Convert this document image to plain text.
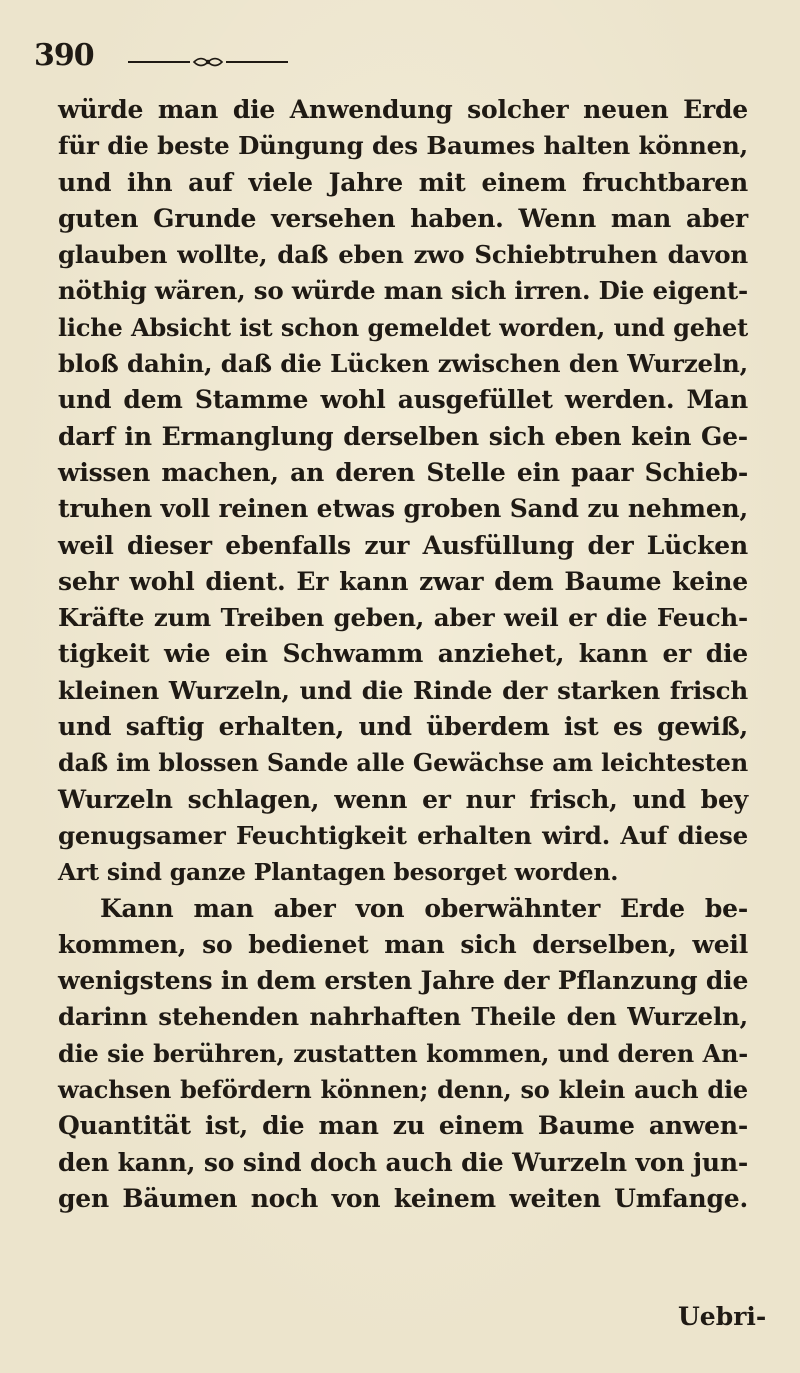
390
würde man die Anwendung solcher neuen Erde
für die beste Düngung des Baumes halten können,
und ihn auf viele Jahre mit einem fruchtbaren
guten Grunde versehen haben. Wenn man aber
glauben wollte, daß eben zwo Schiebtruhen davon
nöthig wären, so würde man sich irren. Die eigent-
liche Absicht ist schon gemeldet worden, und gehet
bloß dahin, daß die Lücken zwischen den Wurzeln,
und dem Stamme wohl ausgefüllet werden. Man
darf in Ermanglung derselben sich eben kein Ge-
wissen machen, an deren Stelle ein paar Schieb-
truhen voll reinen etwas groben Sand zu nehmen,
weil dieser ebenfalls zur Ausfüllung der Lücken
sehr wohl dient. Er kann zwar dem Baume keine
Kräfte zum Treiben geben, aber weil er die Feuch-
tigkeit wie ein Schwamm anziehet, kann er die
kleinen Wurzeln, und die Rinde der starken frisch
und saftig erhalten, und überdem ist es gewiß,
daß im blossen Sande alle Gewächse am leichtesten
Wurzeln schlagen, wenn er nur frisch, und bey
genugsamer Feuchtigkeit erhalten wird. Auf diese
Art sind ganze Plantagen besorget worden.
Kann man aber von oberwähnter Erde be-
kommen, so bedienet man sich derselben, weil
wenigstens in dem ersten Jahre der Pflanzung die
darinn stehenden nahrhaften Theile den Wurzeln,
die sie berühren, zustatten kommen, und deren An-
wachsen befördern können; denn, so klein auch die
Quantität ist, die man zu einem Baume anwen-
den kann, so sind doch auch die Wurzeln von jun-
gen Bäumen noch von keinem weiten Umfange.
Uebri-
